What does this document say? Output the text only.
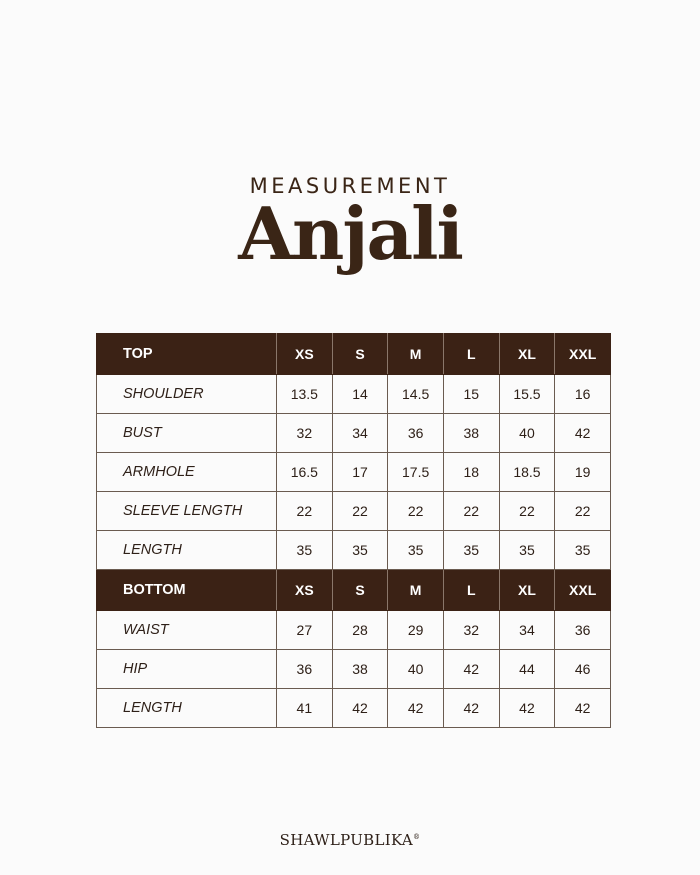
MEASUREMENT
Anjali
TOP	XS	S	M	L	XL	XXL
SHOULDER	13.5	14	14.5	15	15.5	16
BUST	32	34	36	38	40	42
ARMHOLE	16.5	17	17.5	18	18.5	19
SLEEVE LENGTH	22	22	22	22	22	22
LENGTH	35	35	35	35	35	35
BOTTOM	XS	S	M	L	XL	XXL
WAIST	27	28	29	32	34	36
HIP	36	38	40	42	44	46
LENGTH	41	42	42	42	42	42
SHAWLPUBLIKA®
